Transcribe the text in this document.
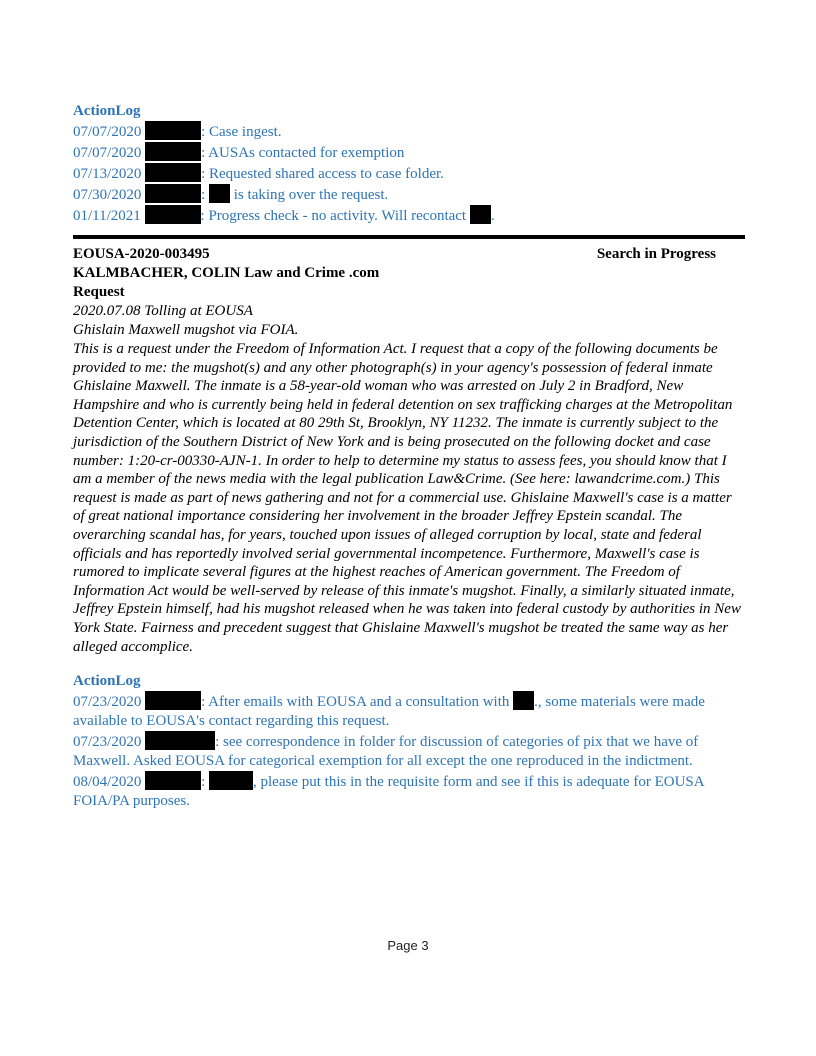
ActionLog
07/07/2020	: Case ingest.
07/07/2020	: AUSAs contacted for exemption
07/13/2020	: Requested shared access to case folder.
07/30/2020	:  is taking over the request.
01/11/2021	: Progress check - no activity. Will recontact .
EOUSA-2020-003495	Search in Progress
KALMBACHER, COLIN Law and Crime .com
Request
2020.07.08 Tolling at EOUSA
Ghislain Maxwell mugshot via FOIA.
This is a request under the Freedom of Information Act. I request that a copy of the following documents be provided to me: the mugshot(s) and any other photograph(s) in your agency's possession of federal inmate Ghislaine Maxwell. The inmate is a 58-year-old woman who was arrested on July 2 in Bradford, New Hampshire and who is currently being held in federal detention on sex trafficking charges at the Metropolitan Detention Center, which is located at 80 29th St, Brooklyn, NY 11232. The inmate is currently subject to the jurisdiction of the Southern District of New York and is being prosecuted on the following docket and case number: 1:20-cr-00330-AJN-1. In order to help to determine my status to assess fees, you should know that I am a member of the news media with the legal publication Law&Crime. (See here: lawandcrime.com.) This request is made as part of news gathering and not for a commercial use. Ghislaine Maxwell's case is a matter of great national importance considering her involvement in the broader Jeffrey Epstein scandal. The overarching scandal has, for years, touched upon issues of alleged corruption by local, state and federal officials and has reportedly involved serial governmental incompetence. Furthermore, Maxwell's case is rumored to implicate several figures at the highest reaches of American government. The Freedom of Information Act would be well-served by release of this inmate's mugshot. Finally, a similarly situated inmate, Jeffrey Epstein himself, had his mugshot released when he was taken into federal custody by authorities in New York State. Fairness and precedent suggest that Ghislaine Maxwell's mugshot be treated the same way as her alleged accomplice.
ActionLog
07/23/2020	: After emails with EOUSA and a consultation with ., some materials were made available to EOUSA's contact regarding this request.
07/23/2020	: see correspondence in folder for discussion of categories of pix that we have of Maxwell. Asked EOUSA for categorical exemption for all except the one reproduced in the indictment.
08/04/2020	:	, please put this in the requisite form and see if this is adequate for EOUSA FOIA/PA purposes.
Page 3
